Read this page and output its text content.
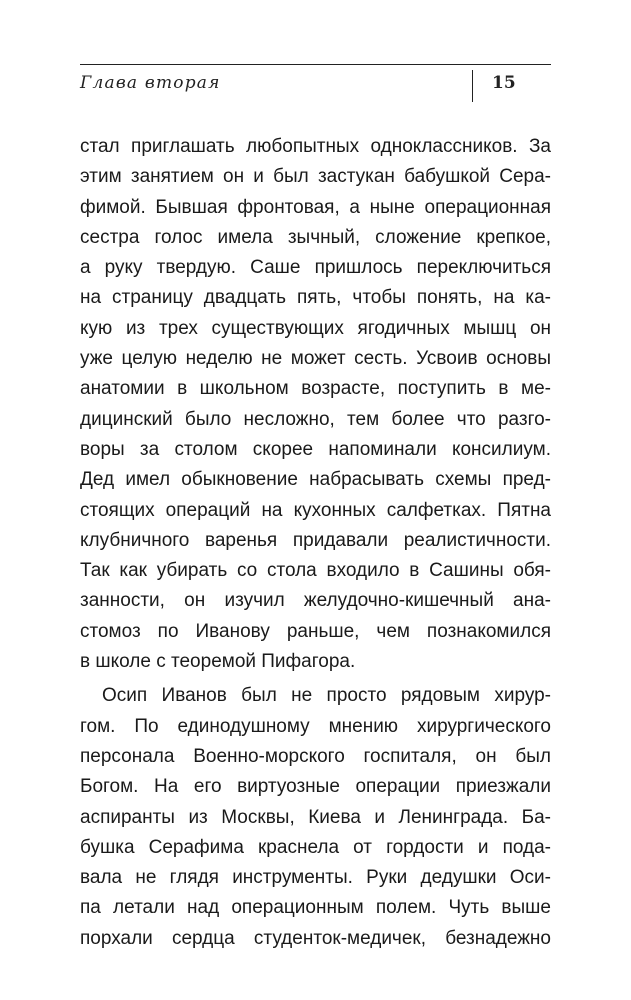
Глава вторая	15
стал приглашать любопытных одноклассников. За
этим занятием он и был застукан бабушкой Сера-
фимой. Бывшая фронтовая, а ныне операционная
сестра голос имела зычный, сложение крепкое,
а руку твердую. Саше пришлось переключиться
на страницу двадцать пять, чтобы понять, на ка-
кую из трех существующих ягодичных мышц он
уже целую неделю не может сесть. Усвоив основы
анатомии в школьном возрасте, поступить в ме-
дицинский было несложно, тем более что разго-
воры за столом скорее напоминали консилиум.
Дед имел обыкновение набрасывать схемы пред-
стоящих операций на кухонных салфетках. Пятна
клубничного варенья придавали реалистичности.
Так как убирать со стола входило в Сашины обя-
занности, он изучил желудочно-кишечный ана-
стомоз по Иванову раньше, чем познакомился
в школе с теоремой Пифагора.
Осип Иванов был не просто рядовым хирур-
гом. По единодушному мнению хирургического
персонала Военно-морского госпиталя, он был
Богом. На его виртуозные операции приезжали
аспиранты из Москвы, Киева и Ленинграда. Ба-
бушка Серафима краснела от гордости и пода-
вала не глядя инструменты. Руки дедушки Оси-
па летали над операционным полем. Чуть выше
порхали сердца студенток-медичек, безнадежно
